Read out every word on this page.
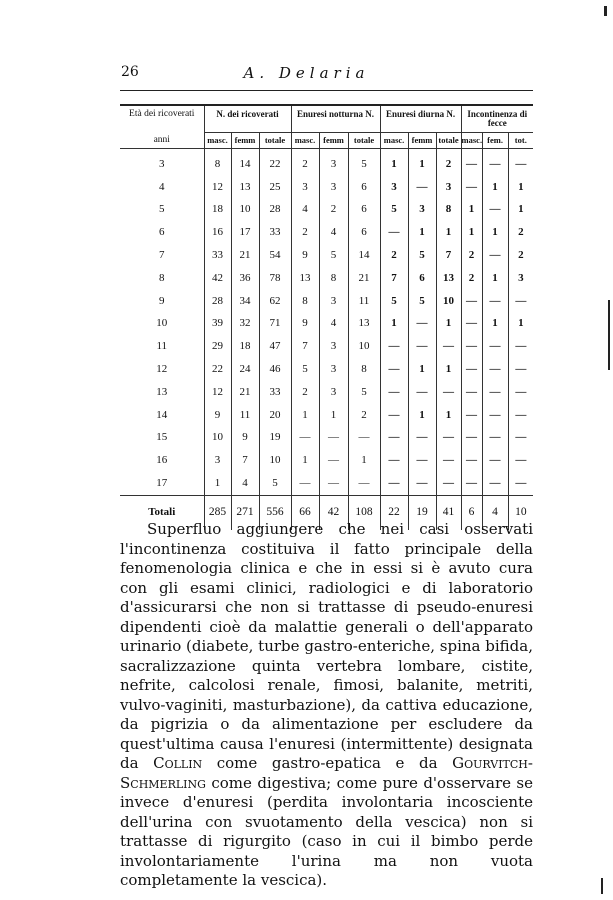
26	A. Delaria
Età dei ricoverati	N. dei ricoverati			Enuresi notturna N.			Enuresi diurna N.			Incontinenza di fecce		
anni	masc.	femm	totale	masc.	femm	totale	masc.	femm	totale	masc.	fem.	tot.
3	8	14	22	2	3	5	1	1	2	—	—	—
4	12	13	25	3	3	6	3	—	3	—	1	1
5	18	10	28	4	2	6	5	3	8	1	—	1
6	16	17	33	2	4	6	—	1	1	1	1	2
7	33	21	54	9	5	14	2	5	7	2	—	2
8	42	36	78	13	8	21	7	6	13	2	1	3
9	28	34	62	8	3	11	5	5	10	—	—	—
10	39	32	71	9	4	13	1	—	1	—	1	1
11	29	18	47	7	3	10	—	—	—	—	—	—
12	22	24	46	5	3	8	—	1	1	—	—	—
13	12	21	33	2	3	5	—	—	—	—	—	—
14	9	11	20	1	1	2	—	1	1	—	—	—
15	10	9	19	—	—	—	—	—	—	—	—	—
16	3	7	10	1	—	1	—	—	—	—	—	—
17	1	4	5	—	—	—	—	—	—	—	—	—
Totali	285	271	556	66	42	108	22	19	41	6	4	10
Superfluo aggiungere che nei casi osservati l'incontinenza costituiva il fatto principale della fenomenologia clinica e che in essi si è avuto cura con gli esami clinici, radiologici e di laboratorio d'assicurarsi che non si trattasse di pseudo-enuresi dipendenti cioè da malattie generali o dell'apparato urinario (diabete, turbe gastro-enteriche, spina bifida, sacralizzazione quinta vertebra lombare, cistite, nefrite, calcolosi renale, fimosi, balanite, metriti, vulvo-vaginiti, masturbazione), da cattiva educazione, da pigrizia o da alimentazione per escludere da quest'ultima causa l'enuresi (intermittente) designata da Collin come gastro-epatica e da Gourvitch-Schmerling come digestiva; come pure d'osservare se invece d'enuresi (perdita involontaria incosciente dell'urina con svuotamento della vescica) non si trattasse di rigurgito (caso in cui il bimbo perde involontariamente l'urina ma non vuota completamente la vescica).
